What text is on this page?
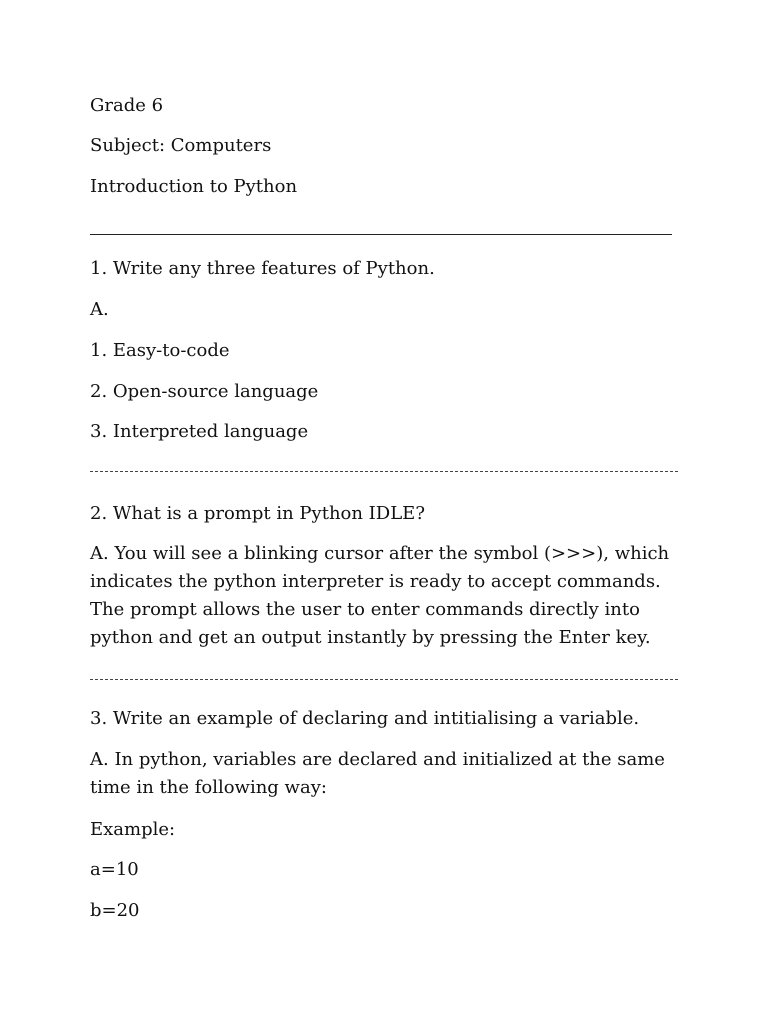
Grade 6
Subject: Computers
Introduction to Python
1. Write any three features of Python.
A.
1. Easy-to-code
2. Open-source language
3. Interpreted language
2. What is a prompt in Python IDLE?
A. You will see a blinking cursor after the symbol (>>>), which indicates the python interpreter is ready to accept commands. The prompt allows the user to enter commands directly into python and get an output instantly by pressing the Enter key.
3. Write an example of declaring and intitialising a variable.
A. In python, variables are declared and initialized at the same time in the following way:
Example:
a=10
b=20
